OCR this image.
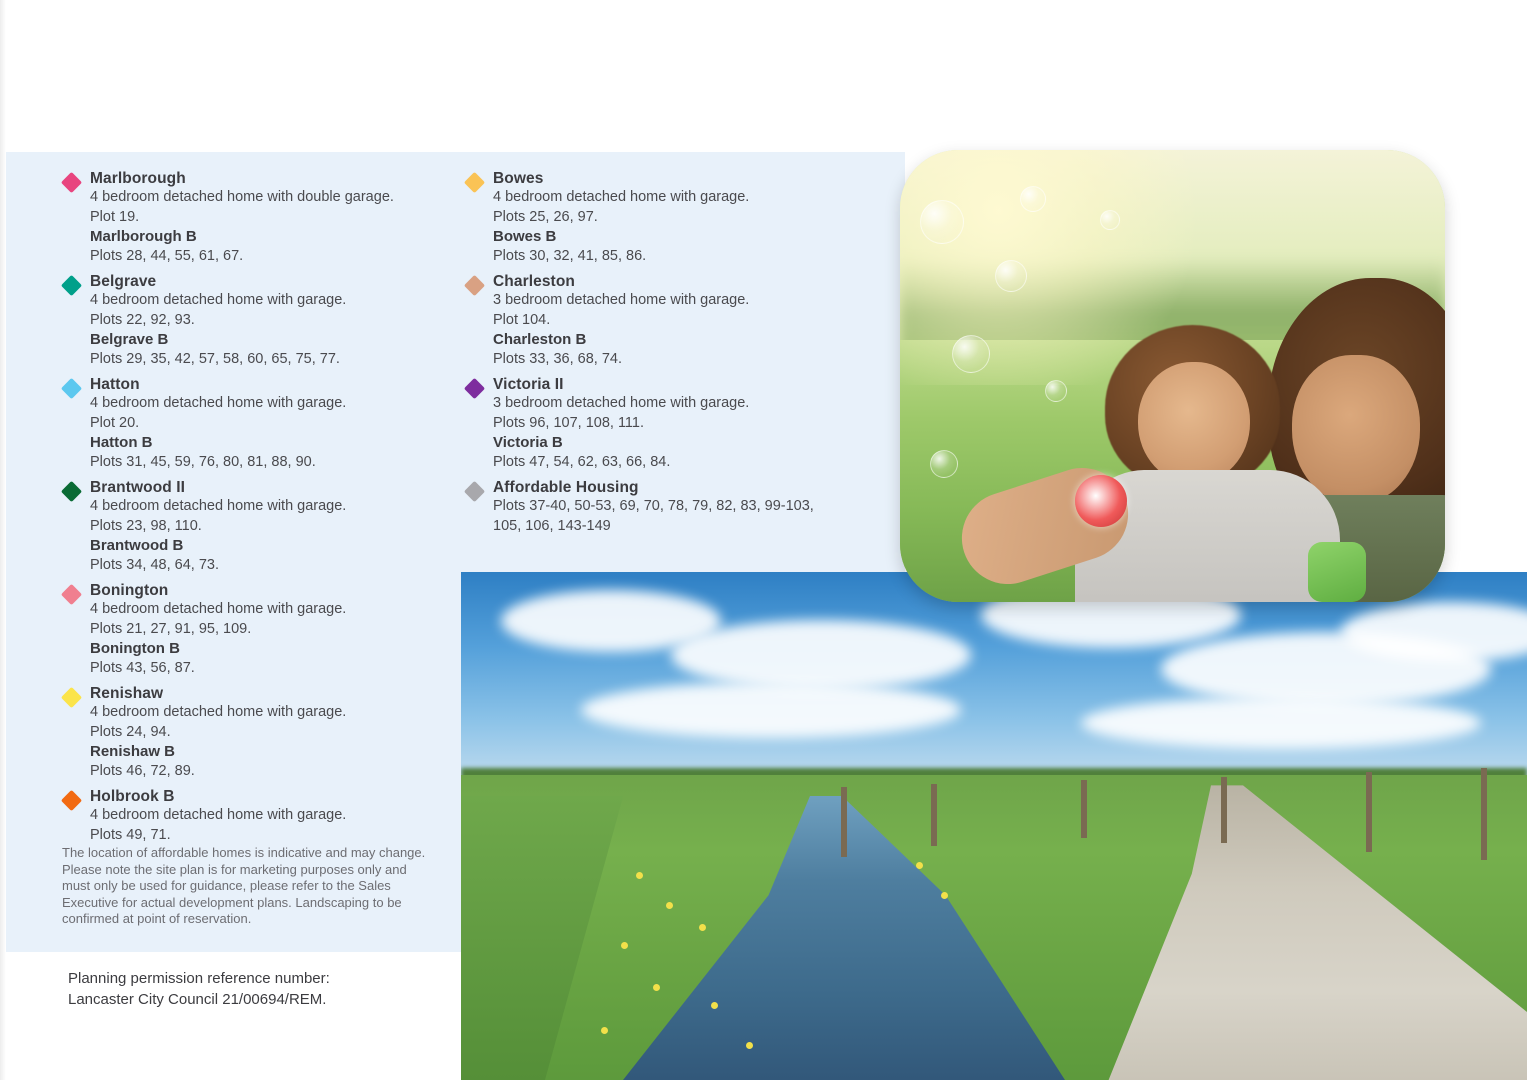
Marlborough
4 bedroom detached home with double garage.
Plot 19.
Marlborough B
Plots 28, 44, 55, 61, 67.
Belgrave
4 bedroom detached home with garage.
Plots 22, 92, 93.
Belgrave B
Plots 29, 35, 42, 57, 58, 60, 65, 75, 77.
Hatton
4 bedroom detached home with garage.
Plot 20.
Hatton B
Plots 31, 45, 59, 76, 80, 81, 88, 90.
Brantwood II
4 bedroom detached home with garage.
Plots 23, 98, 110.
Brantwood B
Plots 34, 48, 64, 73.
Bonington
4 bedroom detached home with garage.
Plots 21, 27, 91, 95, 109.
Bonington B
Plots 43, 56, 87.
Renishaw
4 bedroom detached home with garage.
Plots 24, 94.
Renishaw B
Plots 46, 72, 89.
Holbrook B
4 bedroom detached home with garage.
Plots 49, 71.
Bowes
4 bedroom detached home with garage.
Plots 25, 26, 97.
Bowes B
Plots 30, 32, 41, 85, 86.
Charleston
3 bedroom detached home with garage.
Plot 104.
Charleston B
Plots 33, 36, 68, 74.
Victoria II
3 bedroom detached home with garage.
Plots 96, 107, 108, 111.
Victoria B
Plots 47, 54, 62, 63, 66, 84.
Affordable Housing
Plots 37-40, 50-53, 69, 70, 78, 79, 82, 83, 99-103, 105, 106, 143-149
The location of affordable homes is indicative and may change. Please note the site plan is for marketing purposes only and must only be used for guidance, please refer to the Sales Executive for actual development plans. Landscaping to be confirmed at point of reservation.
Planning permission reference number:
Lancaster City Council 21/00694/REM.
